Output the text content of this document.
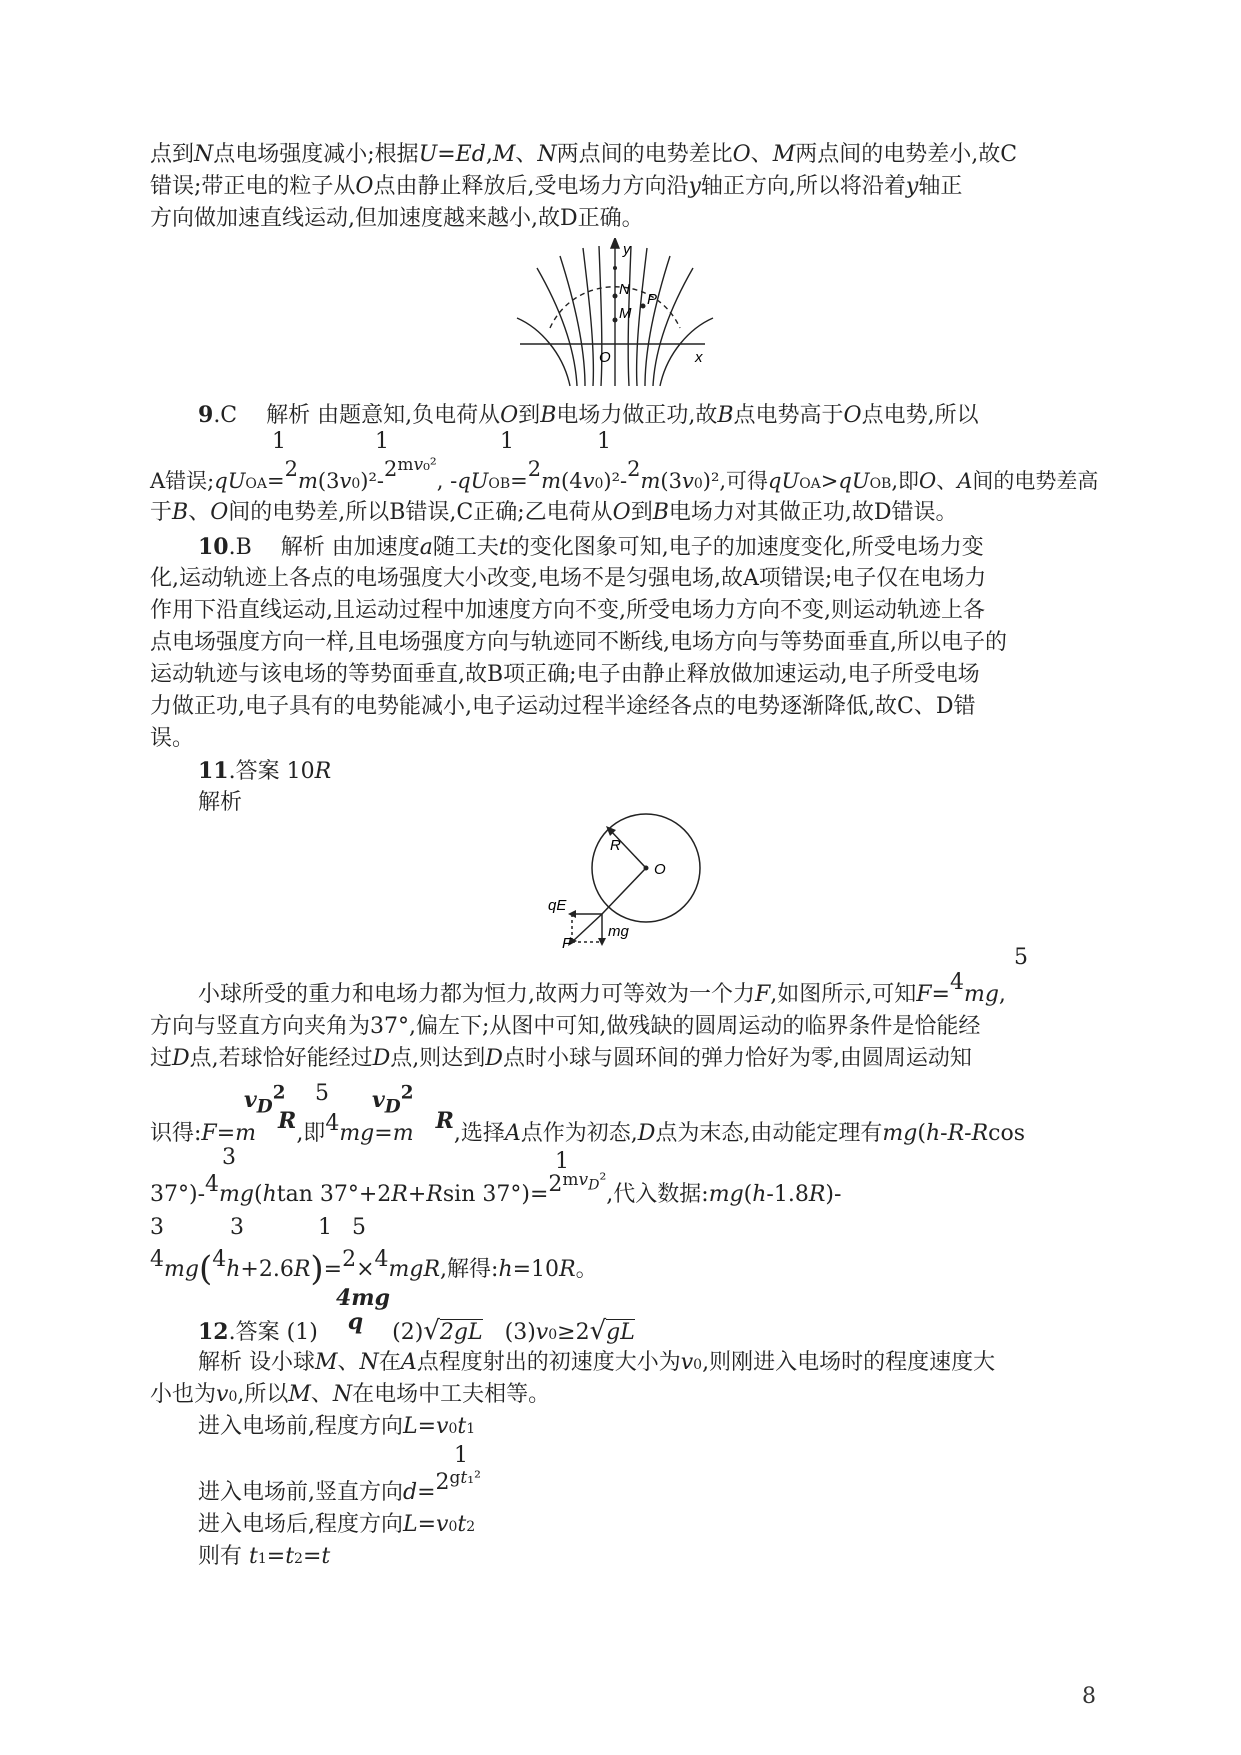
点到N点电场强度减小;根据U=Ed,M、N两点间的电势差比O、M两点间的电势差小,故C
错误;带正电的粒子从O点由静止释放后,受电场力方向沿y轴正方向,所以将沿着y轴正
方向做加速直线运动,但加速度越来越小,故D正确。
y
N
M
P
O	x
9.C　 解析 由题意知,负电荷从O到B电场力做正功,故B点电势高于O点电势,所以
1	1	1	1
A错误$;qUOA=2m(3v0)^2-2^{mv_0^2}$, -qUOB=2m(4v0)²-2m(3v0)²,可得qUOA>qUOB,即O、A间的电势差高
于B、O间的电势差,所以B错误,C正确;乙电荷从O到B电场力对其做正功,故D错误。
10.B　 解析 由加速度a随工夫t的变化图象可知,电子的加速度变化,所受电场力变
化,运动轨迹上各点的电场强度大小改变,电场不是匀强电场,故A项错误;电子仅在电场力
作用下沿直线运动,且运动过程中加速度方向不变,所受电场力方向不变,则运动轨迹上各
点电场强度方向一样,且电场强度方向与轨迹同不断线,电场方向与等势面垂直,所以电子的
运动轨迹与该电场的等势面垂直,故B项正确;电子由静止释放做加速运动,电子所受电场
力做正功,电子具有的电势能减小,电子运动过程半途经各点的电势逐渐降低,故C、D错
误。
11.答案 10R
解析
R
O
qE
mg
F
5
小球所受的重力和电场力都为恒力,故两力可等效为一个力F,如图所示,可知F=4mg,
方向与竖直方向夹角为37°,偏左下;从图中可知,做残缺的圆周运动的临界条件是恰能经
过D点,若球恰好能经过D点,则达到D点时小球与圆环间的弹力恰好为零,由圆周运动知
$v_D^2$ 5 $v_D^2$
识得:F=m　 R,即4mg=m　 R,选择A点作为初态,D点为末态,由动能定理有mg(h-R-Rcos
3	1
37°)-4mg(htan 37°+2R+Rsin $37^\circ)=2^{mv_D^2}$,代入数据:mg(h-1.8R)-
3	3	1 5
4mg(4h+2.6R)=2×4mgR,解得:h=10R。
4mg
12.答案 (1)　q　 (2)√2gL　(3)v0≥2√gL
解析 设小球M、N在A点程度射出的初速度大小为v0,则刚进入电场时的程度速度大
小也为v0,所以M、N在电场中工夫相等。
进入电场前,程度方向L=v0t1
1
进入电场前,竖直方向$d=2^{gt_1^2}$
进入电场后,程度方向L=v0t2
则有 t1=t2=t
8
